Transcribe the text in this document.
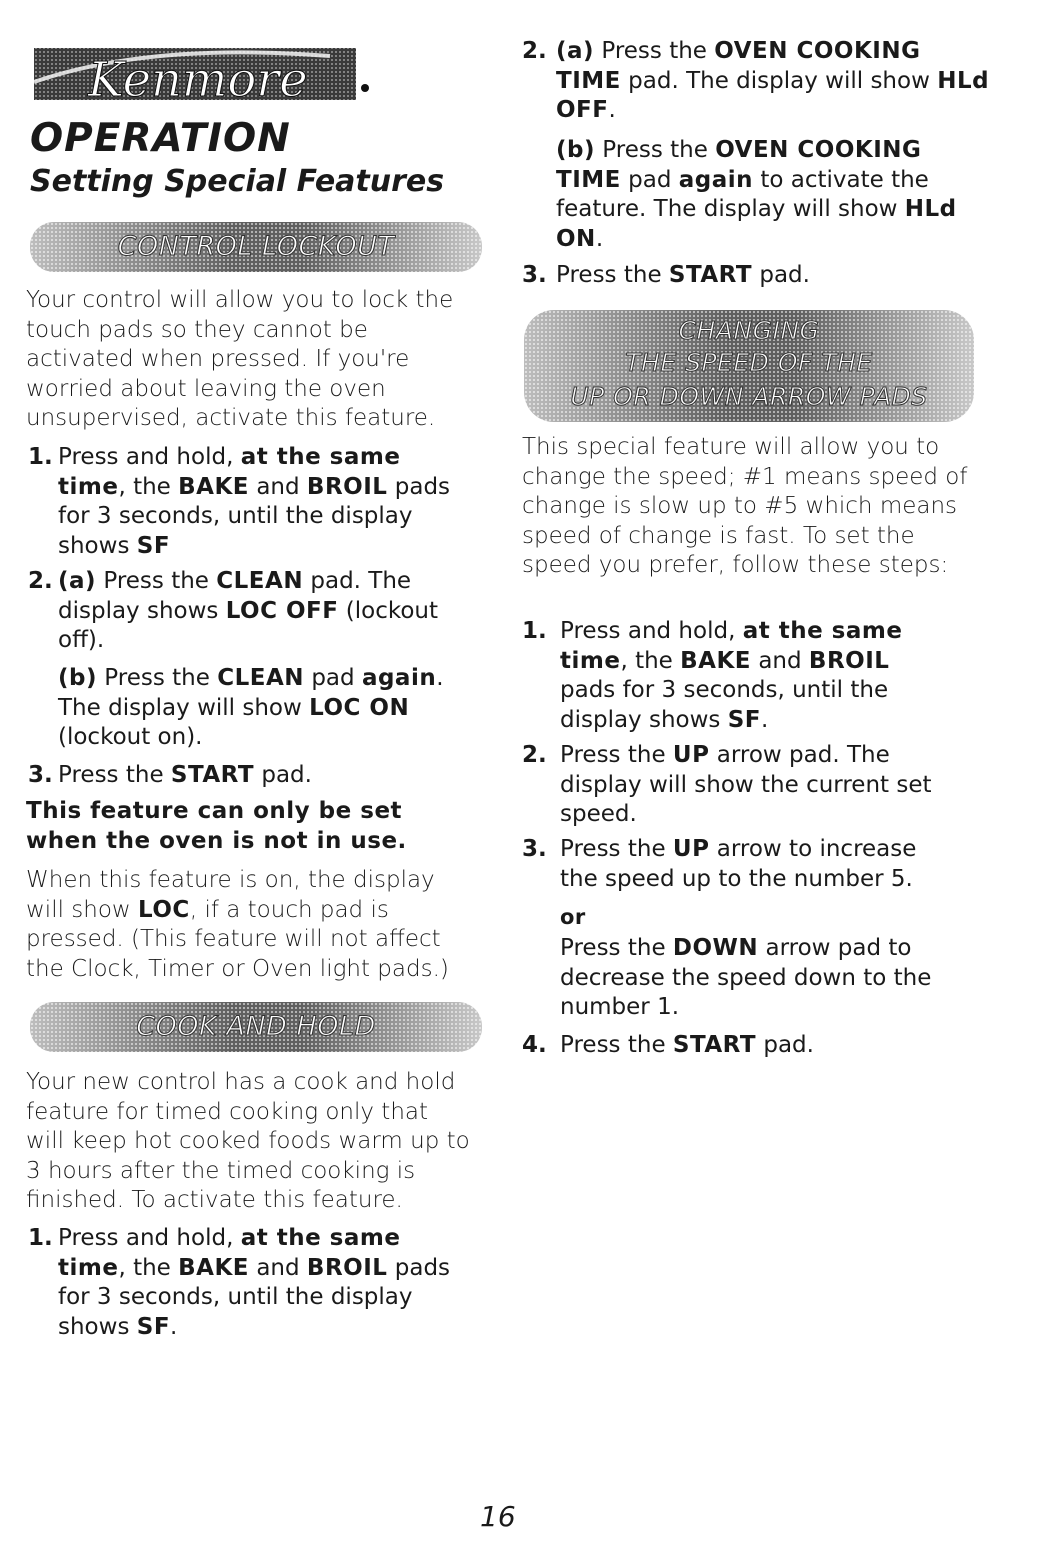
Kenmore
OPERATION
Setting Special Features
CONTROL LOCKOUT

Your control will allow you to lock the touch pads so they cannot be activated when pressed. If you're worried about leaving the oven unsupervised, activate this feature.

1. Press and hold, at the same time, the BAKE and BROIL pads for 3 seconds, until the display shows SF
2. (a) Press the CLEAN pad. The display shows LOC OFF (lockout off).
(b) Press the CLEAN pad again. The display will show LOC ON (lockout on).
3. Press the START pad.

This feature can only be set when the oven is not in use.

When this feature is on, the display will show LOC, if a touch pad is pressed. (This feature will not affect the Clock, Timer or Oven light pads.)

COOK AND HOLD

Your new control has a cook and hold feature for timed cooking only that will keep hot cooked foods warm up to 3 hours after the timed cooking is finished. To activate this feature.

1. Press and hold, at the same time, the BAKE and BROIL pads for 3 seconds, until the display shows SF.
2. (a) Press the OVEN COOKING TIME pad. The display will show HLd OFF.
(b) Press the OVEN COOKING TIME pad again to activate the feature. The display will show HLd ON.
3. Press the START pad.
CHANGING
THE SPEED OF THE
UP OR DOWN ARROW PADS

This special feature will allow you to change the speed; #1 means speed of change is slow up to #5 which means speed of change is fast. To set the speed you prefer, follow these steps:

1. Press and hold, at the same time, the BAKE and BROIL pads for 3 seconds, until the display shows SF.
2. Press the UP arrow pad. The display will show the current set speed.
3. Press the UP arrow to increase the speed up to the number 5.
or
Press the DOWN arrow pad to decrease the speed down to the number 1.
4. Press the START pad.
16
